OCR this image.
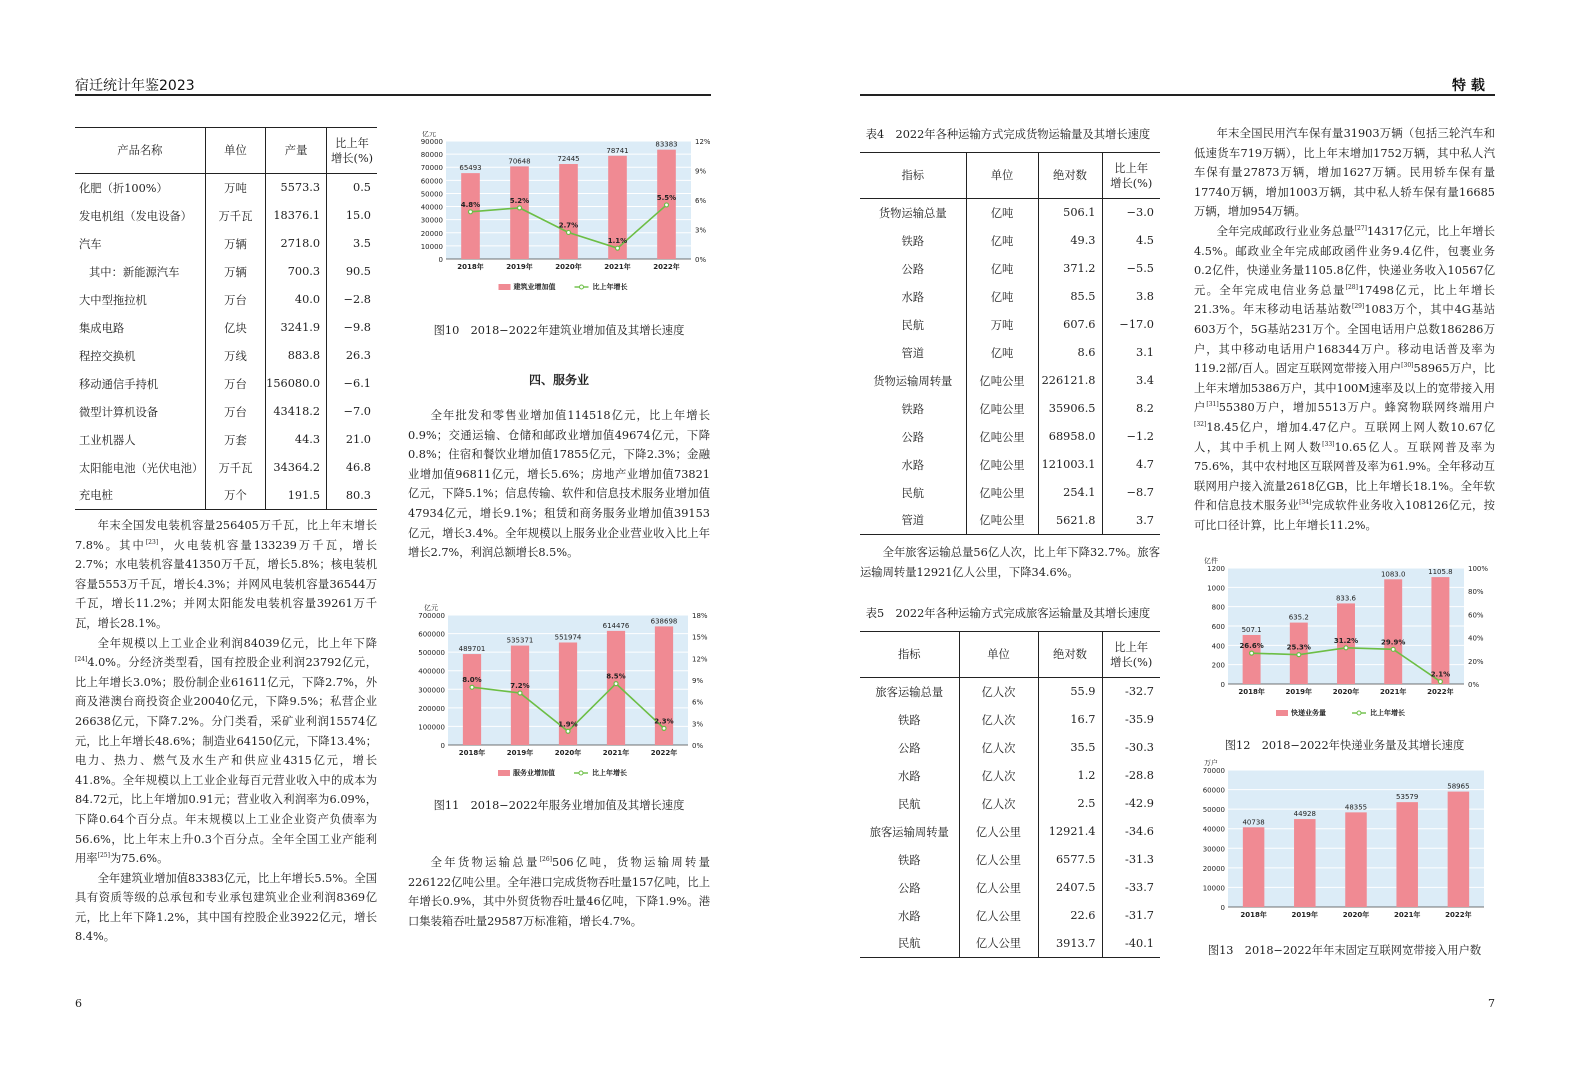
宿迁统计年鉴2023	特 载
产品名称	单位	产量	比上年
增长(%)
化肥（折100%）	万吨	5573.3	0.5
发电机组（发电设备）	万千瓦	18376.1	15.0
汽车	万辆	2718.0	3.5
其中：新能源汽车	万辆	700.3	90.5
大中型拖拉机	万台	40.0	−2.8
集成电路	亿块	3241.9	−9.8
程控交换机	万线	883.8	26.3
移动通信手持机	万台	156080.0	−6.1
微型计算机设备	万台	43418.2	−7.0
工业机器人	万套	44.3	21.0
太阳能电池（光伏电池）	万千瓦	34364.2	46.8
充电桩	万个	191.5	80.3

年末全国发电装机容量256405万千瓦，比上年末增长7.8%。其中[23]，火电装机容量133239万千瓦，增长2.7%；水电装机容量41350万千瓦，增长5.8%；核电装机容量5553万千瓦，增长4.3%；并网风电装机容量36544万千瓦，增长11.2%；并网太阳能发电装机容量39261万千瓦，增长28.1%。

全年规模以上工业企业利润84039亿元，比上年下降[24]4.0%。分经济类型看，国有控股企业利润23792亿元，比上年增长3.0%；股份制企业61611亿元，下降2.7%，外商及港澳台商投资企业20040亿元，下降9.5%；私营企业26638亿元，下降7.2%。分门类看，采矿业利润15574亿元，比上年增长48.6%；制造业64150亿元，下降13.4%；电力、热力、燃气及水生产和供应业4315亿元，增长41.8%。全年规模以上工业企业每百元营业收入中的成本为84.72元，比上年增加0.91元；营业收入利润率为6.09%，下降0.64个百分点。年末规模以上工业企业资产负债率为56.6%，比上年末上升0.3个百分点。全年全国工业产能利用率[25]为75.6%。

全年建筑业增加值83383亿元，比上年增长5.5%。全国具有资质等级的总承包和专业承包建筑业企业利润8369亿元，比上年下降1.2%，其中国有控股企业3922亿元，增长8.4%。

0
10000
20000
30000
40000
50000
60000
70000
80000
90000
0%
3%
6%
9%
12%
亿元
65493
2018年
70648
2019年
72445
2020年
78741
2021年
83383
2022年
4.8%	5.2%
2.7%
1.1%
5.5%
建筑业增加值	比上年增长
图10　2018−2022年建筑业增加值及其增长速度
四、服务业

全年批发和零售业增加值114518亿元，比上年增长0.9%；交通运输、仓储和邮政业增加值49674亿元，下降0.8%；住宿和餐饮业增加值17855亿元，下降2.3%；金融业增加值96811亿元，增长5.6%；房地产业增加值73821亿元，下降5.1%；信息传输、软件和信息技术服务业增加值47934亿元，增长9.1%；租赁和商务服务业增加值39153亿元，增长3.4%。全年规模以上服务业企业营业收入比上年增长2.7%，利润总额增长8.5%。

0
100000
200000
300000
400000
500000
600000
700000
0%
3%
6%
9%
12%
15%
18%
亿元
489701
2018年
535371
2019年
551974
2020年
614476
2021年
638698
2022年
8.0%
7.2%
1.9%
8.5%
2.3%
服务业增加值	比上年增长
图11　2018−2022年服务业增加值及其增长速度

全年货物运输总量[26]506亿吨，货物运输周转量226122亿吨公里。全年港口完成货物吞吐量157亿吨，比上年增长0.9%，其中外贸货物吞吐量46亿吨，下降1.9%。港口集装箱吞吐量29587万标准箱，增长4.7%。

表4　2022年各种运输方式完成货物运输量及其增长速度
指标	单位	绝对数	比上年
增长(%)
货物运输总量	亿吨	506.1	−3.0
铁路	亿吨	49.3	4.5
公路	亿吨	371.2	−5.5
水路	亿吨	85.5	3.8
民航	万吨	607.6	−17.0
管道	亿吨	8.6	3.1
货物运输周转量	亿吨公里	226121.8	3.4
铁路	亿吨公里	35906.5	8.2
公路	亿吨公里	68958.0	−1.2
水路	亿吨公里	121003.1	4.7
民航	亿吨公里	254.1	−8.7
管道	亿吨公里	5621.8	3.7

全年旅客运输总量56亿人次，比上年下降32.7%。旅客运输周转量12921亿人公里，下降34.6%。

表5　2022年各种运输方式完成旅客运输量及其增长速度
指标	单位	绝对数	比上年
增长(%)
旅客运输总量	亿人次	55.9	-32.7
铁路	亿人次	16.7	-35.9
公路	亿人次	35.5	-30.3
水路	亿人次	1.2	-28.8
民航	亿人次	2.5	-42.9
旅客运输周转量	亿人公里	12921.4	-34.6
铁路	亿人公里	6577.5	-31.3
公路	亿人公里	2407.5	-33.7
水路	亿人公里	22.6	-31.7
民航	亿人公里	3913.7	-40.1

年末全国民用汽车保有量31903万辆（包括三轮汽车和低速货车719万辆），比上年末增加1752万辆，其中私人汽车保有量27873万辆，增加1627万辆。民用轿车保有量17740万辆，增加1003万辆，其中私人轿车保有量16685万辆，增加954万辆。

全年完成邮政行业业务总量[27]14317亿元，比上年增长4.5%。邮政业全年完成邮政函件业务9.4亿件，包裹业务0.2亿件，快递业务量1105.8亿件，快递业务收入10567亿元。全年完成电信业务总量[28]17498亿元，比上年增长21.3%。年末移动电话基站数[29]1083万个，其中4G基站603万个，5G基站231万个。全国电话用户总数186286万户，其中移动电话用户168344万户。移动电话普及率为119.2部/百人。固定互联网宽带接入用户[30]58965万户，比上年末增加5386万户，其中100M速率及以上的宽带接入用户[31]55380万户，增加5513万户。蜂窝物联网终端用户[32]18.45亿户，增加4.47亿户。互联网上网人数10.67亿人，其中手机上网人数[33]10.65亿人。互联网普及率为75.6%，其中农村地区互联网普及率为61.9%。全年移动互联网用户接入流量2618亿GB，比上年增长18.1%。全年软件和信息技术服务业[34]完成软件业务收入108126亿元，按可比口径计算，比上年增长11.2%。

0
200
400
600
800
1000
1200
0%
20%
40%
60%
80%
100%
亿件
507.1
2018年
635.2
2019年
833.6
2020年
1083.0
2021年
1105.8
2022年
26.6%	25.3%
31.2%	29.9%
2.1%
快递业务量	比上年增长
图12　2018−2022年快递业务量及其增长速度
0
10000
20000
30000
40000
50000
60000
70000
万户
40738
2018年
44928
2019年
48355
2020年
53579
2021年
58965
2022年
图13　2018−2022年年末固定互联网宽带接入用户数
6	7
